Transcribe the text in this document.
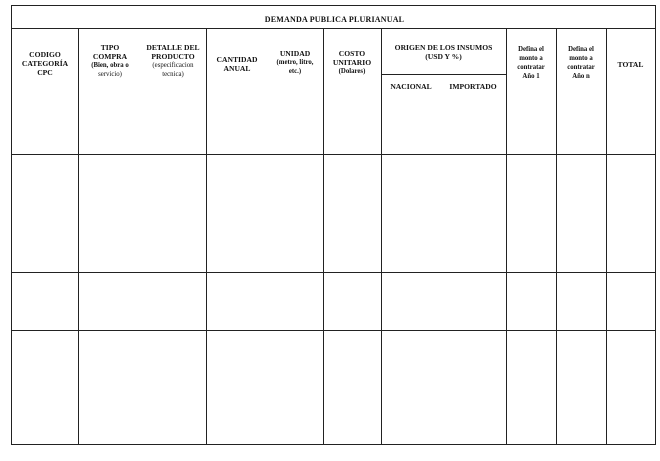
DEMANDA PUBLICA PLURIANUAL
CODIGO
CATEGORÍA
CPC
TIPO
COMPRA
(Bien, obra o
servicio)
DETALLE DEL
PRODUCTO
(especificacion
tecnica)
CANTIDAD
ANUAL
UNIDAD
(metro, litro,
etc.)
COSTO
UNITARIO
(Dolares)
ORIGEN DE LOS INSUMOS
(USD Y %)
NACIONAL	IMPORTADO
Defina el
monto a
contratar
Año 1
Defina el
monto a
contratar
Año n
TOTAL
